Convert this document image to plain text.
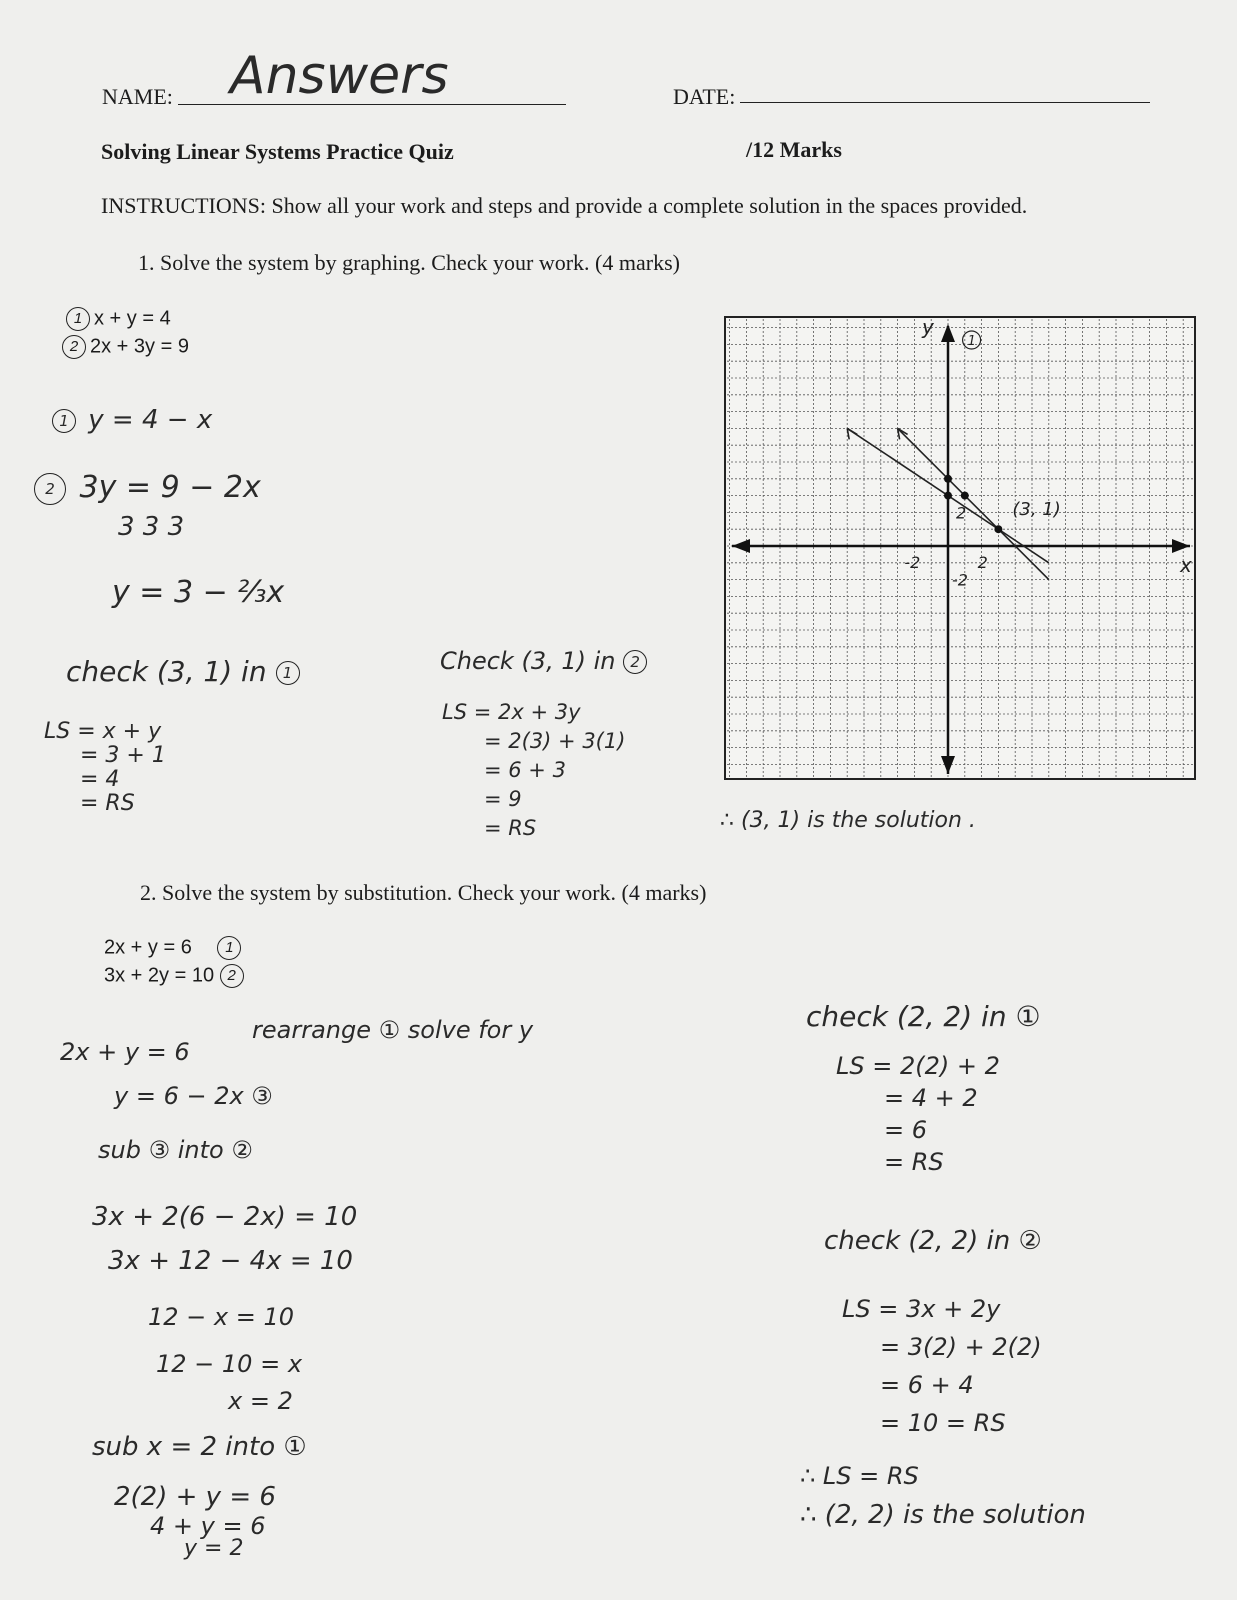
NAME: Answers	DATE:
Solving Linear Systems Practice Quiz	/12 Marks
INSTRUCTIONS: Show all your work and steps and provide a complete solution in the spaces provided.
1. Solve the system by graphing. Check your work. (4 marks)
1 x + y = 4
2 2x + 3y = 9
1 y = 4 − x
2 3y = 9 − 2x
3 3 3
y = 3 − ⅔x
check (3, 1) in 1
LS = x + y
= 3 + 1
= 4
= RS
Check (3, 1) in 2
LS = 2x + 3y
= 2(3) + 3(1)
= 6 + 3
= 9
= RS	∴ (3, 1) is the solution .
y
x
-2	2
2
-2
(3, 1)
1
2. Solve the system by substitution. Check your work. (4 marks)
2x + y = 6 1
3x + 2y = 10 2
2x + y = 6
rearrange ① solve for y
y = 6 − 2x ③
sub ③ into ②
3x + 2(6 − 2x) = 10
3x + 12 − 4x = 10
12 − x = 10
12 − 10 = x
x = 2
sub x = 2 into ①
2(2) + y = 6
4 + y = 6
y = 2
check (2, 2) in ①
LS = 2(2) + 2
= 4 + 2
= 6
= RS
check (2, 2) in ②
LS = 3x + 2y
= 3(2) + 2(2)
= 6 + 4
= 10 = RS
∴ LS = RS
∴ (2, 2) is the solution
